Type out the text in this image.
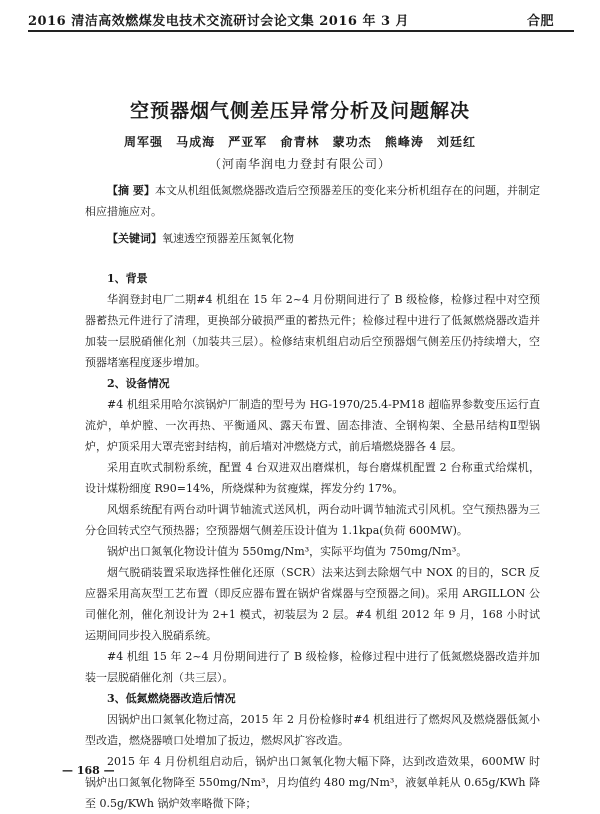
2016 清洁高效燃煤发电技术交流研讨会论文集 2016 年 3 月	合肥
空预器烟气侧差压异常分析及问题解决
周军强 马成海 严亚军 俞青林 蒙功杰 熊峰涛 刘廷红
（河南华润电力登封有限公司）

【摘 要】本文从机组低氮燃烧器改造后空预器差压的变化来分析机组存在的问题，并制定相应措施应对。

【关键词】氧速透空预器差压氮氧化物

1、背景

华润登封电厂二期#4 机组在 15 年 2~4 月份期间进行了 B 级检修，检修过程中对空预器蓄热元件进行了清理，更换部分破损严重的蓄热元件；检修过程中进行了低氮燃烧器改造并加装一层脱硝催化剂（加装共三层）。检修结束机组启动后空预器烟气侧差压仍持续增大，空预器堵塞程度逐步增加。

2、设备情况

#4 机组采用哈尔滨锅炉厂制造的型号为 HG-1970/25.4-PM18 超临界参数变压运行直流炉，单炉膛、一次再热、平衡通风、露天布置、固态排渣、全钢构架、全悬吊结构Ⅱ型锅炉，炉顶采用大罩壳密封结构，前后墙对冲燃烧方式，前后墙燃烧器各 4 层。

采用直吹式制粉系统，配置 4 台双进双出磨煤机，每台磨煤机配置 2 台称重式给煤机，设计煤粉细度 R90=14%，所烧煤种为贫瘦煤，挥发分约 17%。

风烟系统配有两台动叶调节轴流式送风机，两台动叶调节轴流式引风机。空气预热器为三分仓回转式空气预热器；空预器烟气侧差压设计值为 1.1kpa(负荷 600MW)。

锅炉出口氮氧化物设计值为 550mg/Nm³，实际平均值为 750mg/Nm³。

烟气脱硝装置采取选择性催化还原（SCR）法来达到去除烟气中 NOX 的目的，SCR 反应器采用高灰型工艺布置（即反应器布置在锅炉省煤器与空预器之间)。采用 ARGILLON 公司催化剂，催化剂设计为 2+1 模式，初装层为 2 层。#4 机组 2012 年 9 月，168 小时试运期间同步投入脱硝系统。

#4 机组 15 年 2~4 月份期间进行了 B 级检修，检修过程中进行了低氮燃烧器改造并加装一层脱硝催化剂（共三层）。

3、低氮燃烧器改造后情况

因锅炉出口氮氧化物过高，2015 年 2 月份检修时#4 机组进行了燃烬风及燃烧器低氮小型改造，燃烧器喷口处增加了扳边，燃烬风扩容改造。

2015 年 4 月份机组启动后，锅炉出口氮氧化物大幅下降，达到改造效果，600MW 时锅炉出口氮氧化物降至 550mg/Nm³，月均值约 480 mg/Nm³，液氨单耗从 0.65g/KWh 降至 0.5g/KWh 锅炉效率略微下降；

— 168 —
